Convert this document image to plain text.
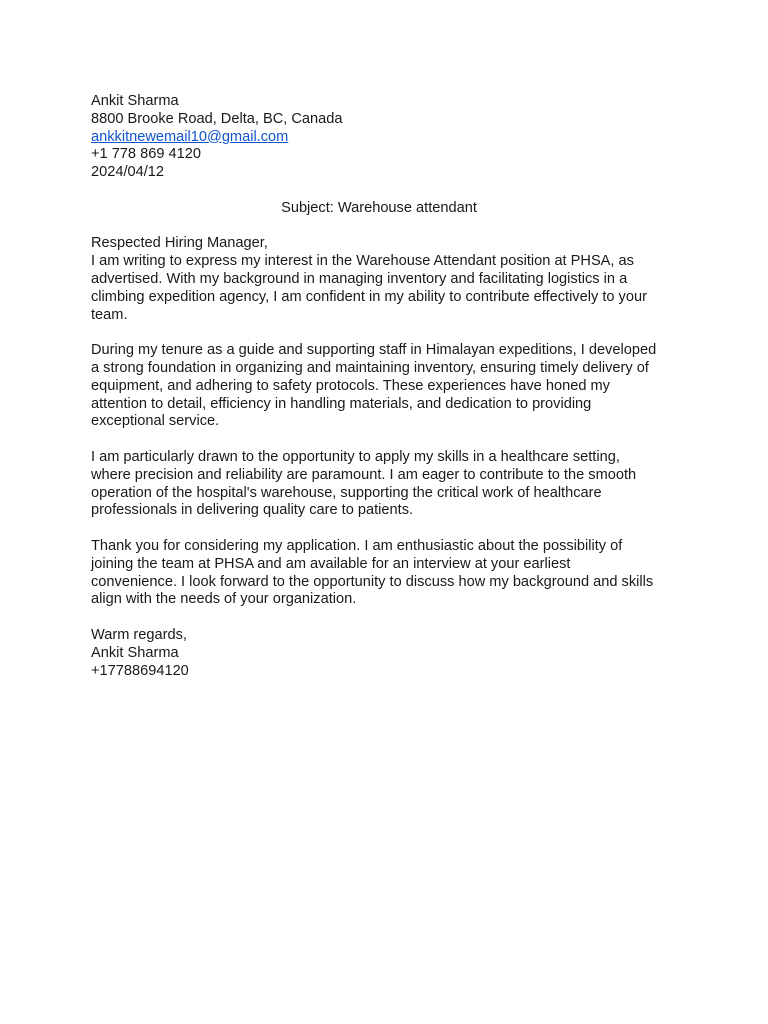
Ankit Sharma

8800 Brooke Road, Delta, BC, Canada

ankkitnewemail10@gmail.com

+1 778 869 4120

2024/04/12

Subject: Warehouse attendant

Respected Hiring Manager,

I am writing to express my interest in the Warehouse Attendant position at PHSA, as

advertised. With my background in managing inventory and facilitating logistics in a

climbing expedition agency, I am confident in my ability to contribute effectively to your

team.

During my tenure as a guide and supporting staff in Himalayan expeditions, I developed

a strong foundation in organizing and maintaining inventory, ensuring timely delivery of

equipment, and adhering to safety protocols. These experiences have honed my

attention to detail, efficiency in handling materials, and dedication to providing

exceptional service.

I am particularly drawn to the opportunity to apply my skills in a healthcare setting,

where precision and reliability are paramount. I am eager to contribute to the smooth

operation of the hospital's warehouse, supporting the critical work of healthcare

professionals in delivering quality care to patients.

Thank you for considering my application. I am enthusiastic about the possibility of

joining the team at PHSA and am available for an interview at your earliest

convenience. I look forward to the opportunity to discuss how my background and skills

align with the needs of your organization.

Warm regards,

Ankit Sharma

+17788694120
